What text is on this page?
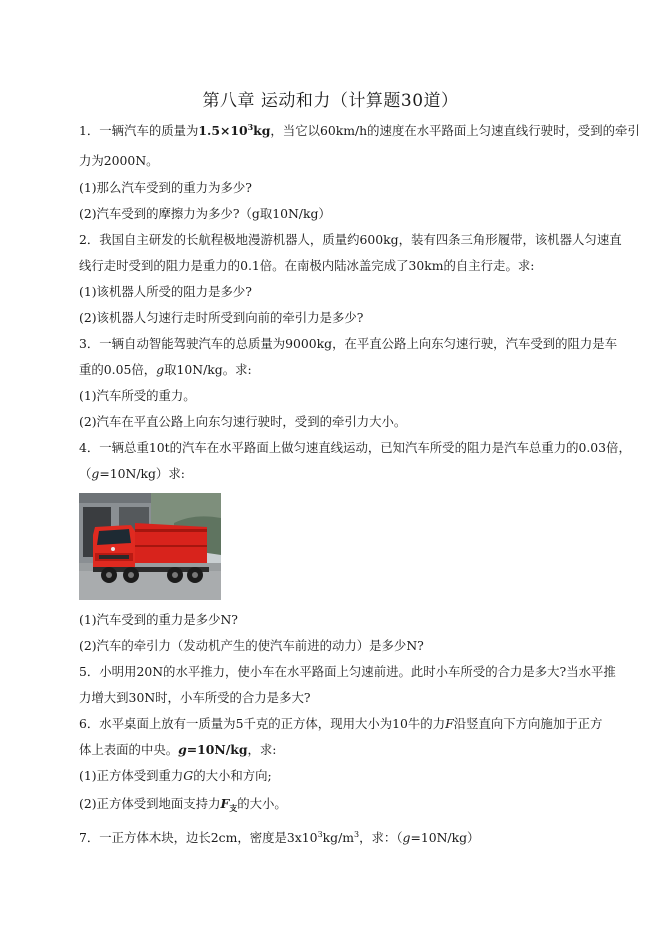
第八章 运动和力（计算题30道）
1．一辆汽车的质量为$1.5\times 10^3kg$，当它以60km/h的速度在水平路面上匀速直线行驶时，受到的牵引
力为2000N。
(1)那么汽车受到的重力为多少?
(2)汽车受到的摩擦力为多少?（g取10N/kg）
2．我国自主研发的长航程极地漫游机器人，质量约600kg，装有四条三角形履带，该机器人匀速直
线行走时受到的阻力是重力的0.1倍。在南极内陆冰盖完成了30km的自主行走。求:
(1)该机器人所受的阻力是多少?
(2)该机器人匀速行走时所受到向前的牵引力是多少?
3．一辆自动智能驾驶汽车的总质量为9000kg，在平直公路上向东匀速行驶，汽车受到的阻力是车
重的0.05倍，g取10N/kg。求:
(1)汽车所受的重力。
(2)汽车在平直公路上向东匀速行驶时，受到的牵引力大小。
4．一辆总重10t的汽车在水平路面上做匀速直线运动，已知汽车所受的阻力是汽车总重力的0.03倍，
（g=10N/kg）求:
(1)汽车受到的重力是多少N?
(2)汽车的牵引力（发动机产生的使汽车前进的动力）是多少N?
5．小明用20N的水平推力，使小车在水平路面上匀速前进。此时小车所受的合力是多大?当水平推
力增大到30N时，小车所受的合力是多大?
6．水平桌面上放有一质量为5千克的正方体，现用大小为10牛的力F沿竖直向下方向施加于正方
体上表面的中央。g=10N/kg，求:
(1)正方体受到重力G的大小和方向;
(2)正方体受到地面支持力$F_支$的大小。
7．一正方体木块，边长2cm，密度是$3x10^3kg/m^3$，求：（g=10N/kg）
